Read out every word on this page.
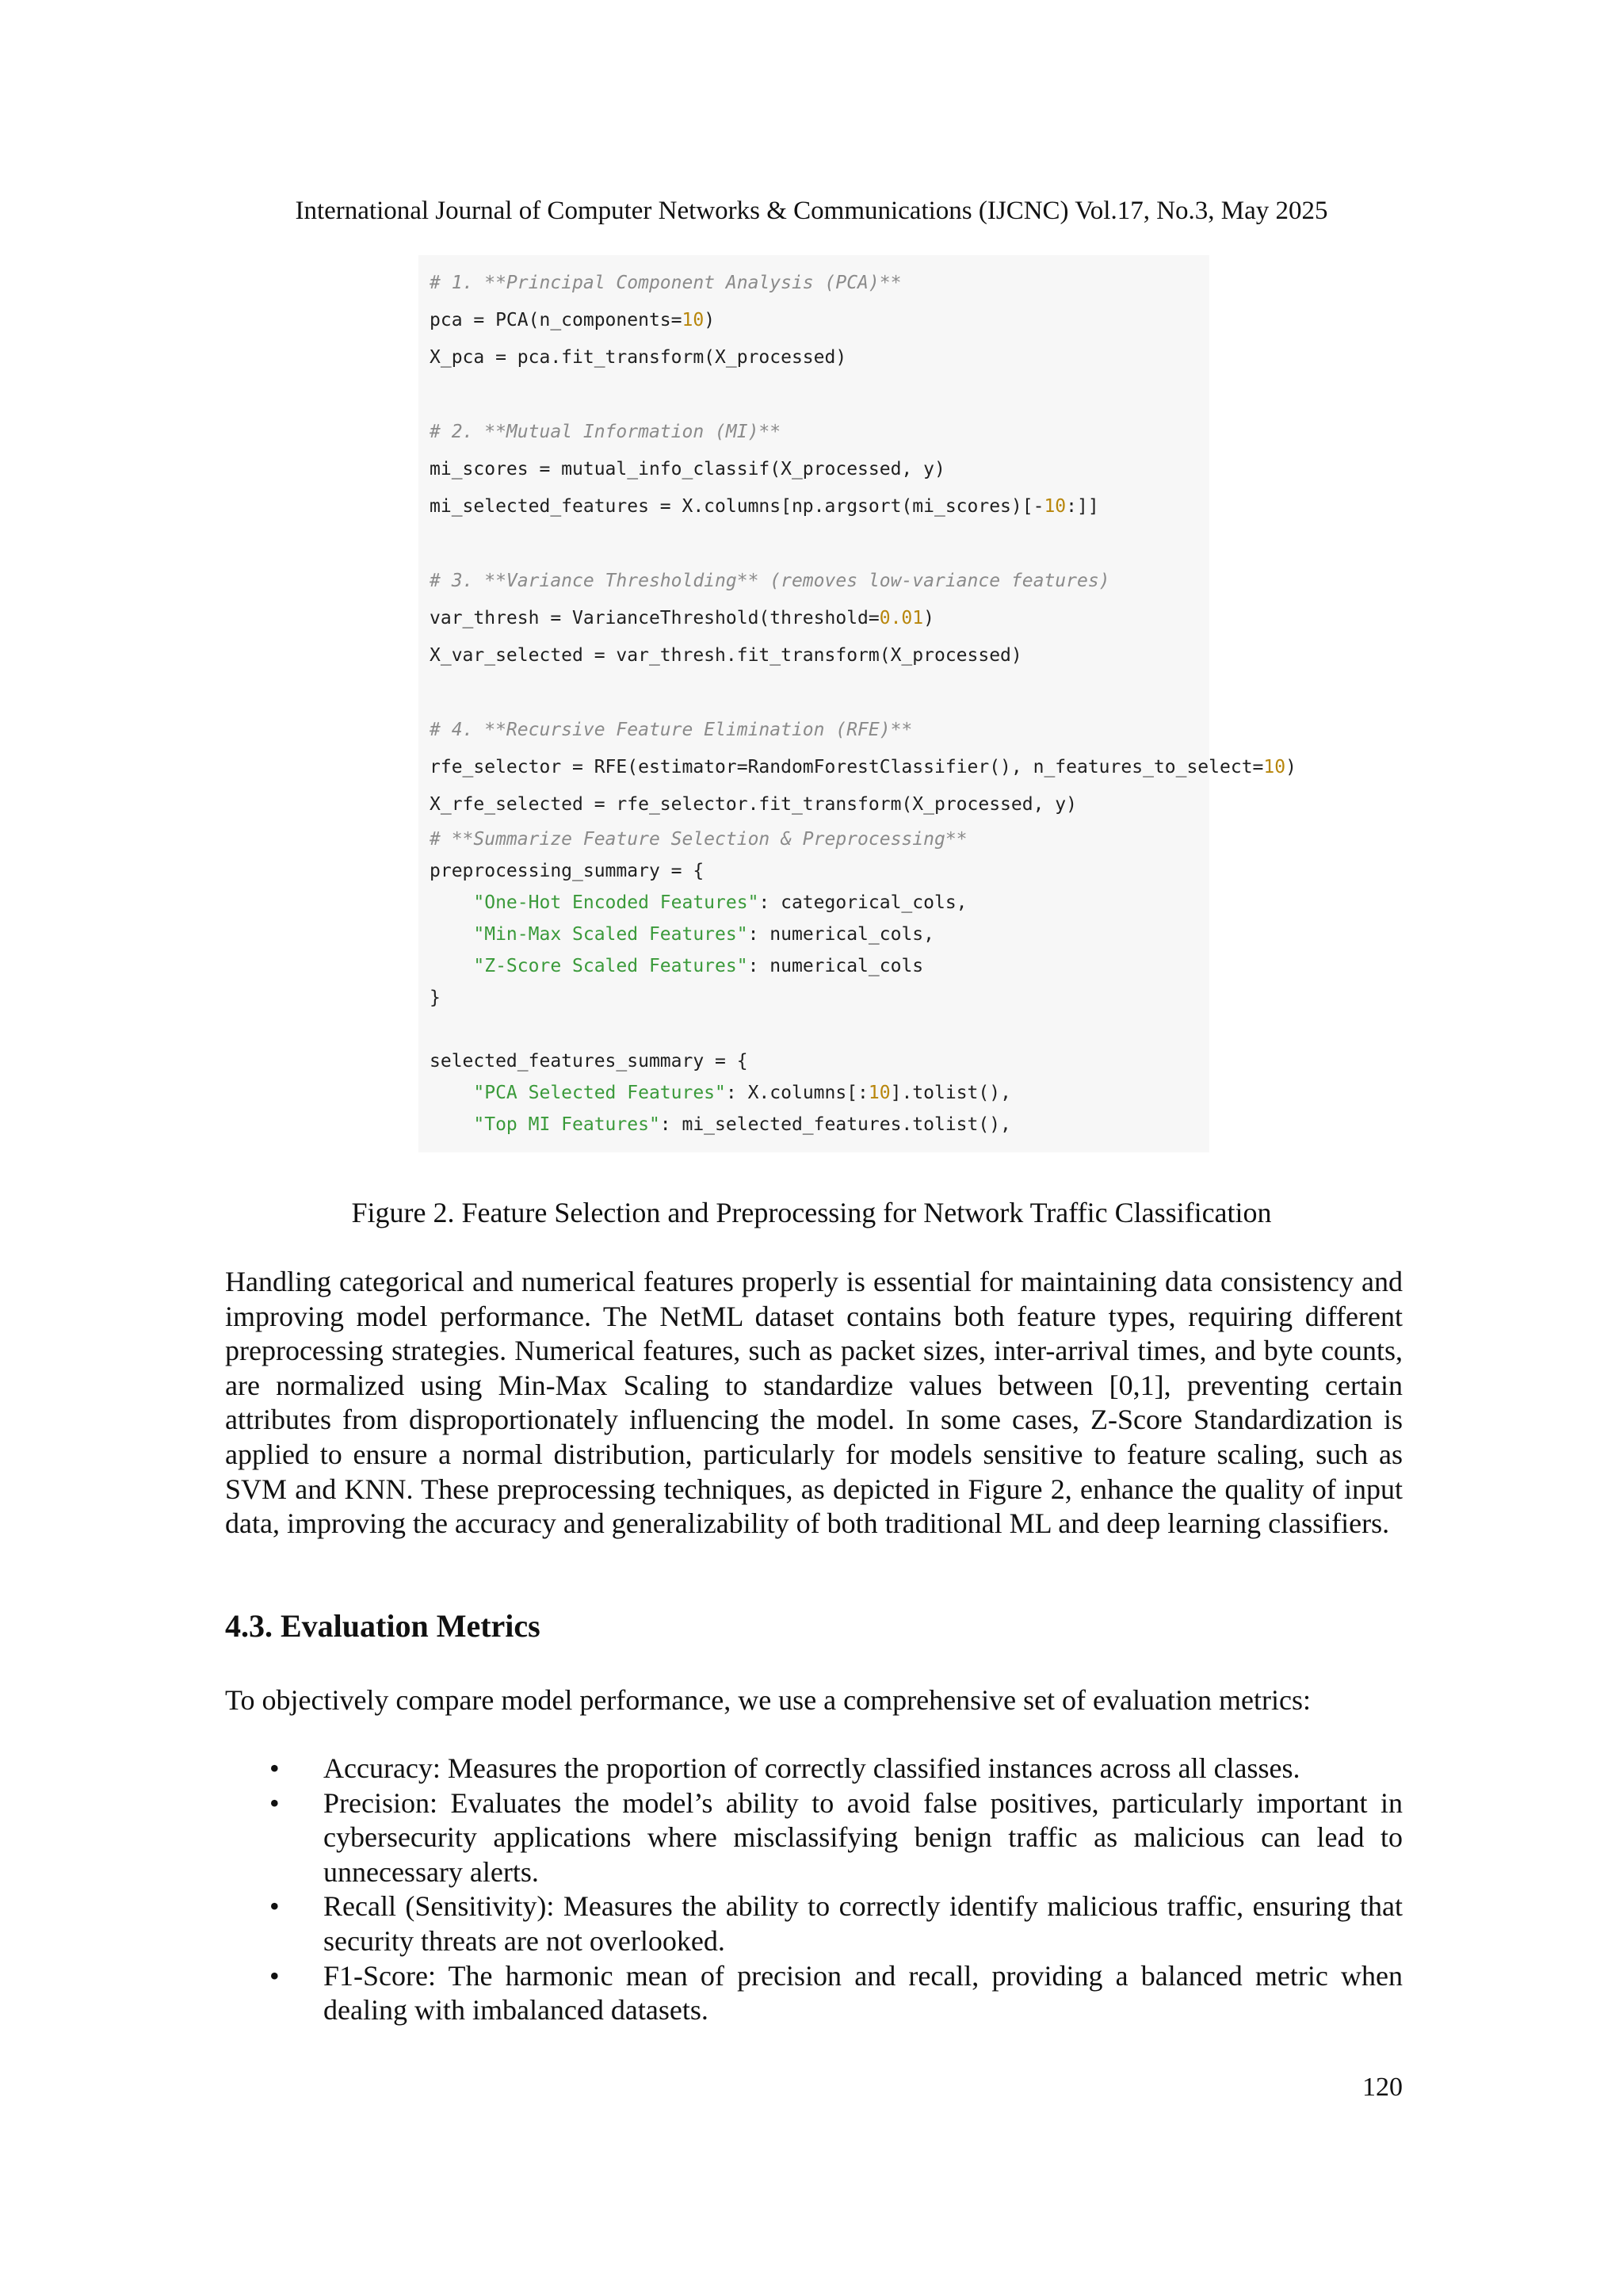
International Journal of Computer Networks & Communications (IJCNC) Vol.17, No.3, May 2025
# 1. **Principal Component Analysis (PCA)**
pca = PCA(n_components=10)
X_pca = pca.fit_transform(X_processed)
# 2. **Mutual Information (MI)**
mi_scores = mutual_info_classif(X_processed, y)
mi_selected_features = X.columns[np.argsort(mi_scores)[-10:]]
# 3. **Variance Thresholding** (removes low-variance features)
var_thresh = VarianceThreshold(threshold=0.01)
X_var_selected = var_thresh.fit_transform(X_processed)
# 4. **Recursive Feature Elimination (RFE)**
rfe_selector = RFE(estimator=RandomForestClassifier(), n_features_to_select=10)
X_rfe_selected = rfe_selector.fit_transform(X_processed, y)
# **Summarize Feature Selection & Preprocessing**
preprocessing_summary = {
"One-Hot Encoded Features": categorical_cols,
"Min-Max Scaled Features": numerical_cols,
"Z-Score Scaled Features": numerical_cols
}
selected_features_summary = {
"PCA Selected Features": X.columns[:10].tolist(),
"Top MI Features": mi_selected_features.tolist(),
Figure 2. Feature Selection and Preprocessing for Network Traffic Classification
Handling categorical and numerical features properly is essential for maintaining data consistency and improving model performance. The NetML dataset contains both feature types, requiring different preprocessing strategies. Numerical features, such as packet sizes, inter-arrival times, and byte counts, are normalized using Min-Max Scaling to standardize values between [0,1], preventing certain attributes from disproportionately influencing the model. In some cases, Z-Score Standardization is applied to ensure a normal distribution, particularly for models sensitive to feature scaling, such as SVM and KNN. These preprocessing techniques, as depicted in Figure 2, enhance the quality of input data, improving the accuracy and generalizability of both traditional ML and deep learning classifiers.
4.3. Evaluation Metrics
To objectively compare model performance, we use a comprehensive set of evaluation metrics:
• Accuracy: Measures the proportion of correctly classified instances across all classes.
• Precision: Evaluates the model’s ability to avoid false positives, particularly important in cybersecurity applications where misclassifying benign traffic as malicious can lead to unnecessary alerts.
• Recall (Sensitivity): Measures the ability to correctly identify malicious traffic, ensuring that security threats are not overlooked.
• F1-Score: The harmonic mean of precision and recall, providing a balanced metric when dealing with imbalanced datasets.
120
